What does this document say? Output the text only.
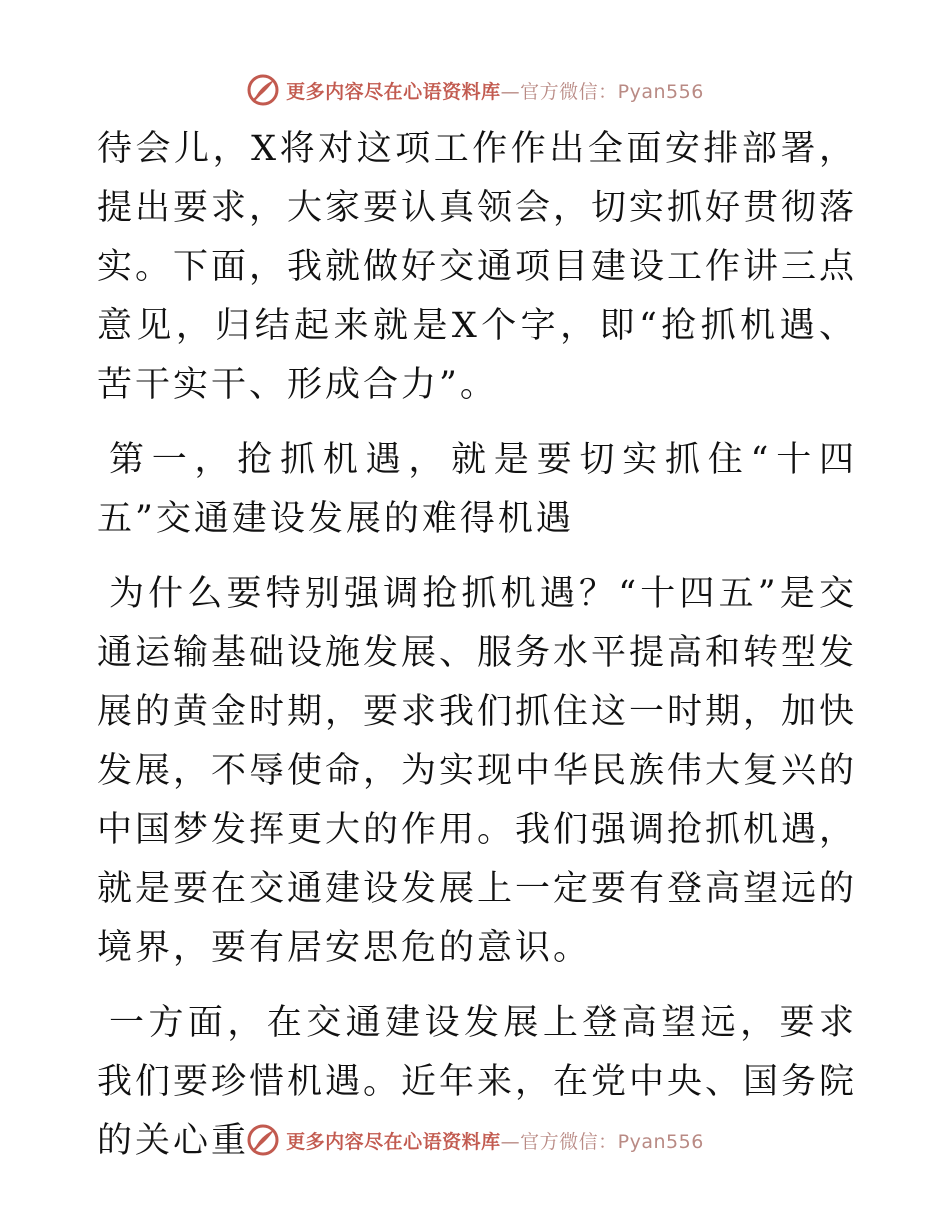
更多内容尽在心语资料库—官方微信：Pyan556

待会儿，X将对这项工作作出全面安排部署，提出要求，大家要认真领会，切实抓好贯彻落实。下面，我就做好交通项目建设工作讲三点意见，归结起来就是X个字，即“抢抓机遇、苦干实干、形成合力”。

第一，抢抓机遇，就是要切实抓住“十四五”交通建设发展的难得机遇

为什么要特别强调抢抓机遇？“十四五”是交通运输基础设施发展、服务水平提高和转型发展的黄金时期，要求我们抓住这一时期，加快发展，不辱使命，为实现中华民族伟大复兴的中国梦发挥更大的作用。我们强调抢抓机遇，就是要在交通建设发展上一定要有登高望远的境界，要有居安思危的意识。

一方面，在交通建设发展上登高望远，要求我们要珍惜机遇。近年来，在党中央、国务院的关心重	更多内容尽在心语资料库—官方微信：Pyan556
